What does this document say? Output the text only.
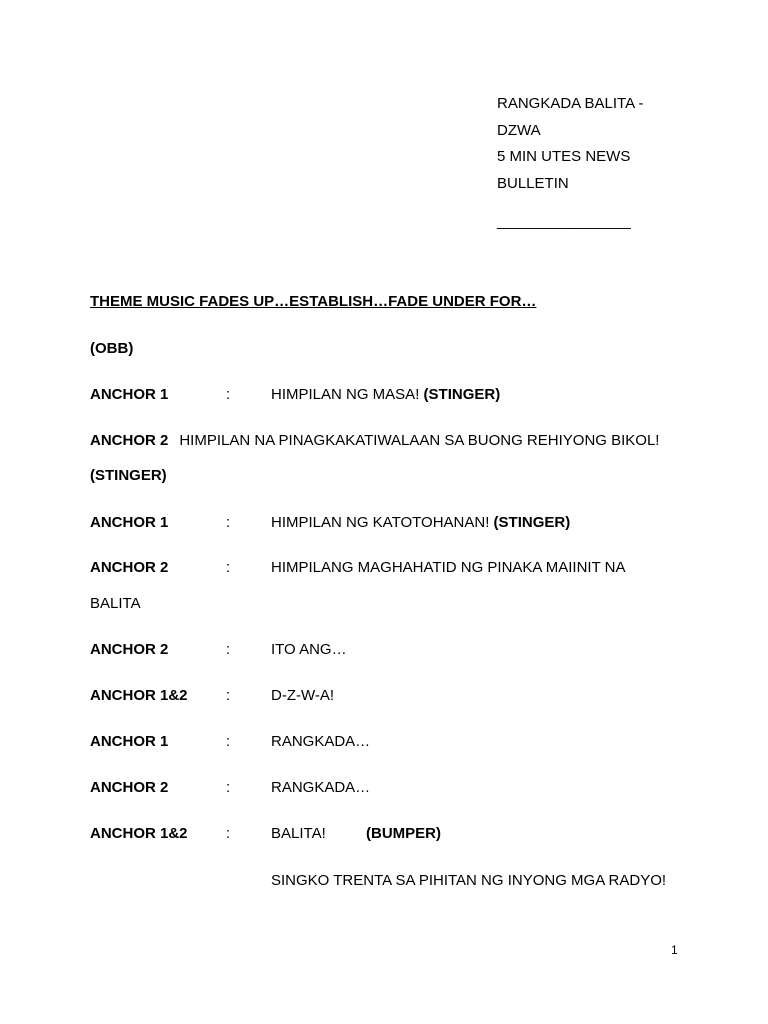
RANGKADA BALITA -
DZWA
5 MIN UTES NEWS
BULLETIN
_________________
THEME MUSIC FADES UP…ESTABLISH…FADE UNDER FOR…
(OBB)
ANCHOR 1	:	HIMPILAN NG MASA! (STINGER)
ANCHOR 2 HIMPILAN NA PINAGKAKATIWALAAN SA BUONG REHIYONG BIKOL!
(STINGER)
ANCHOR 1	:	HIMPILAN NG KATOTOHANAN! (STINGER)
ANCHOR 2	:	HIMPILANG MAGHAHATID NG PINAKA MAIINIT NA
BALITA
ANCHOR 2	:	ITO ANG…
ANCHOR 1&2	:	D-Z-W-A!
ANCHOR 1	:	RANGKADA…
ANCHOR 2	:	RANGKADA…
ANCHOR 1&2	:	BALITA!	(BUMPER)
SINGKO TRENTA SA PIHITAN NG INYONG MGA RADYO!
1
